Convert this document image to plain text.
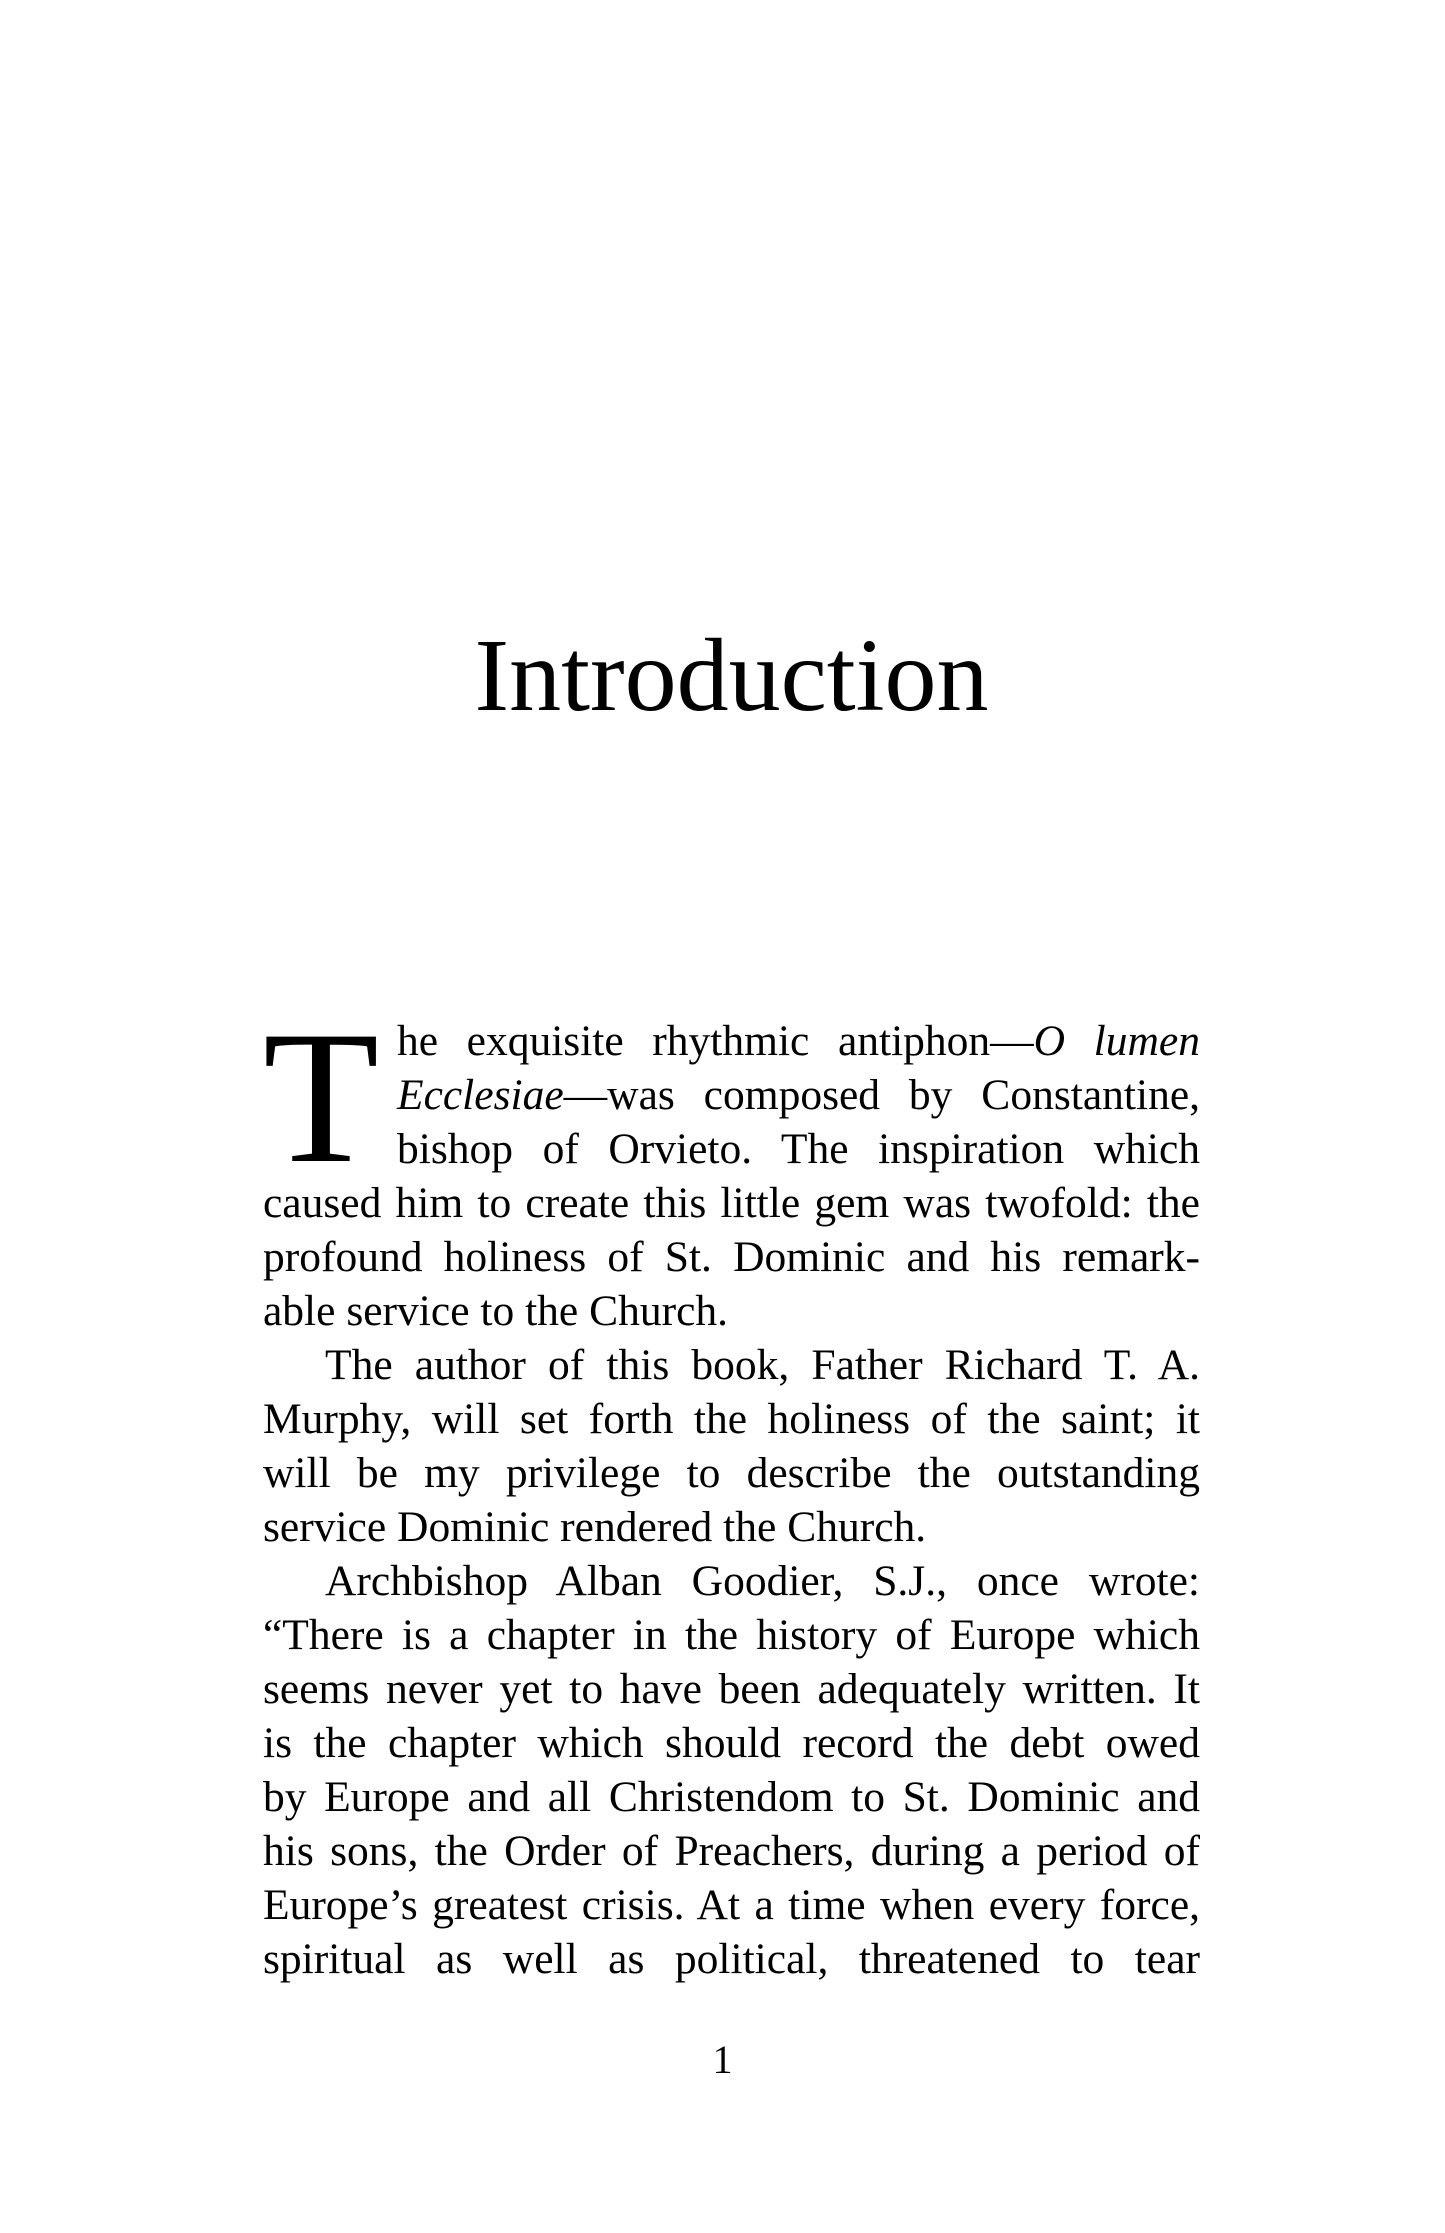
Introduction
T he exquisite rhythmic antiphon—O lumen
Ecclesiae—was composed by Constantine,
bishop of Orvieto. The inspiration which
caused him to create this little gem was twofold: the
profound holiness of St. Dominic and his remark-
able service to the Church.
The author of this book, Father Richard T. A.
Murphy, will set forth the holiness of the saint; it
will be my privilege to describe the outstanding
service Dominic rendered the Church.
Archbishop Alban Goodier, S.J., once wrote:
“There is a chapter in the history of Europe which
seems never yet to have been adequately written. It
is the chapter which should record the debt owed
by Europe and all Christendom to St. Dominic and
his sons, the Order of Preachers, during a period of
Europe’s greatest crisis. At a time when every force,
spiritual as well as political, threatened to tear
1
